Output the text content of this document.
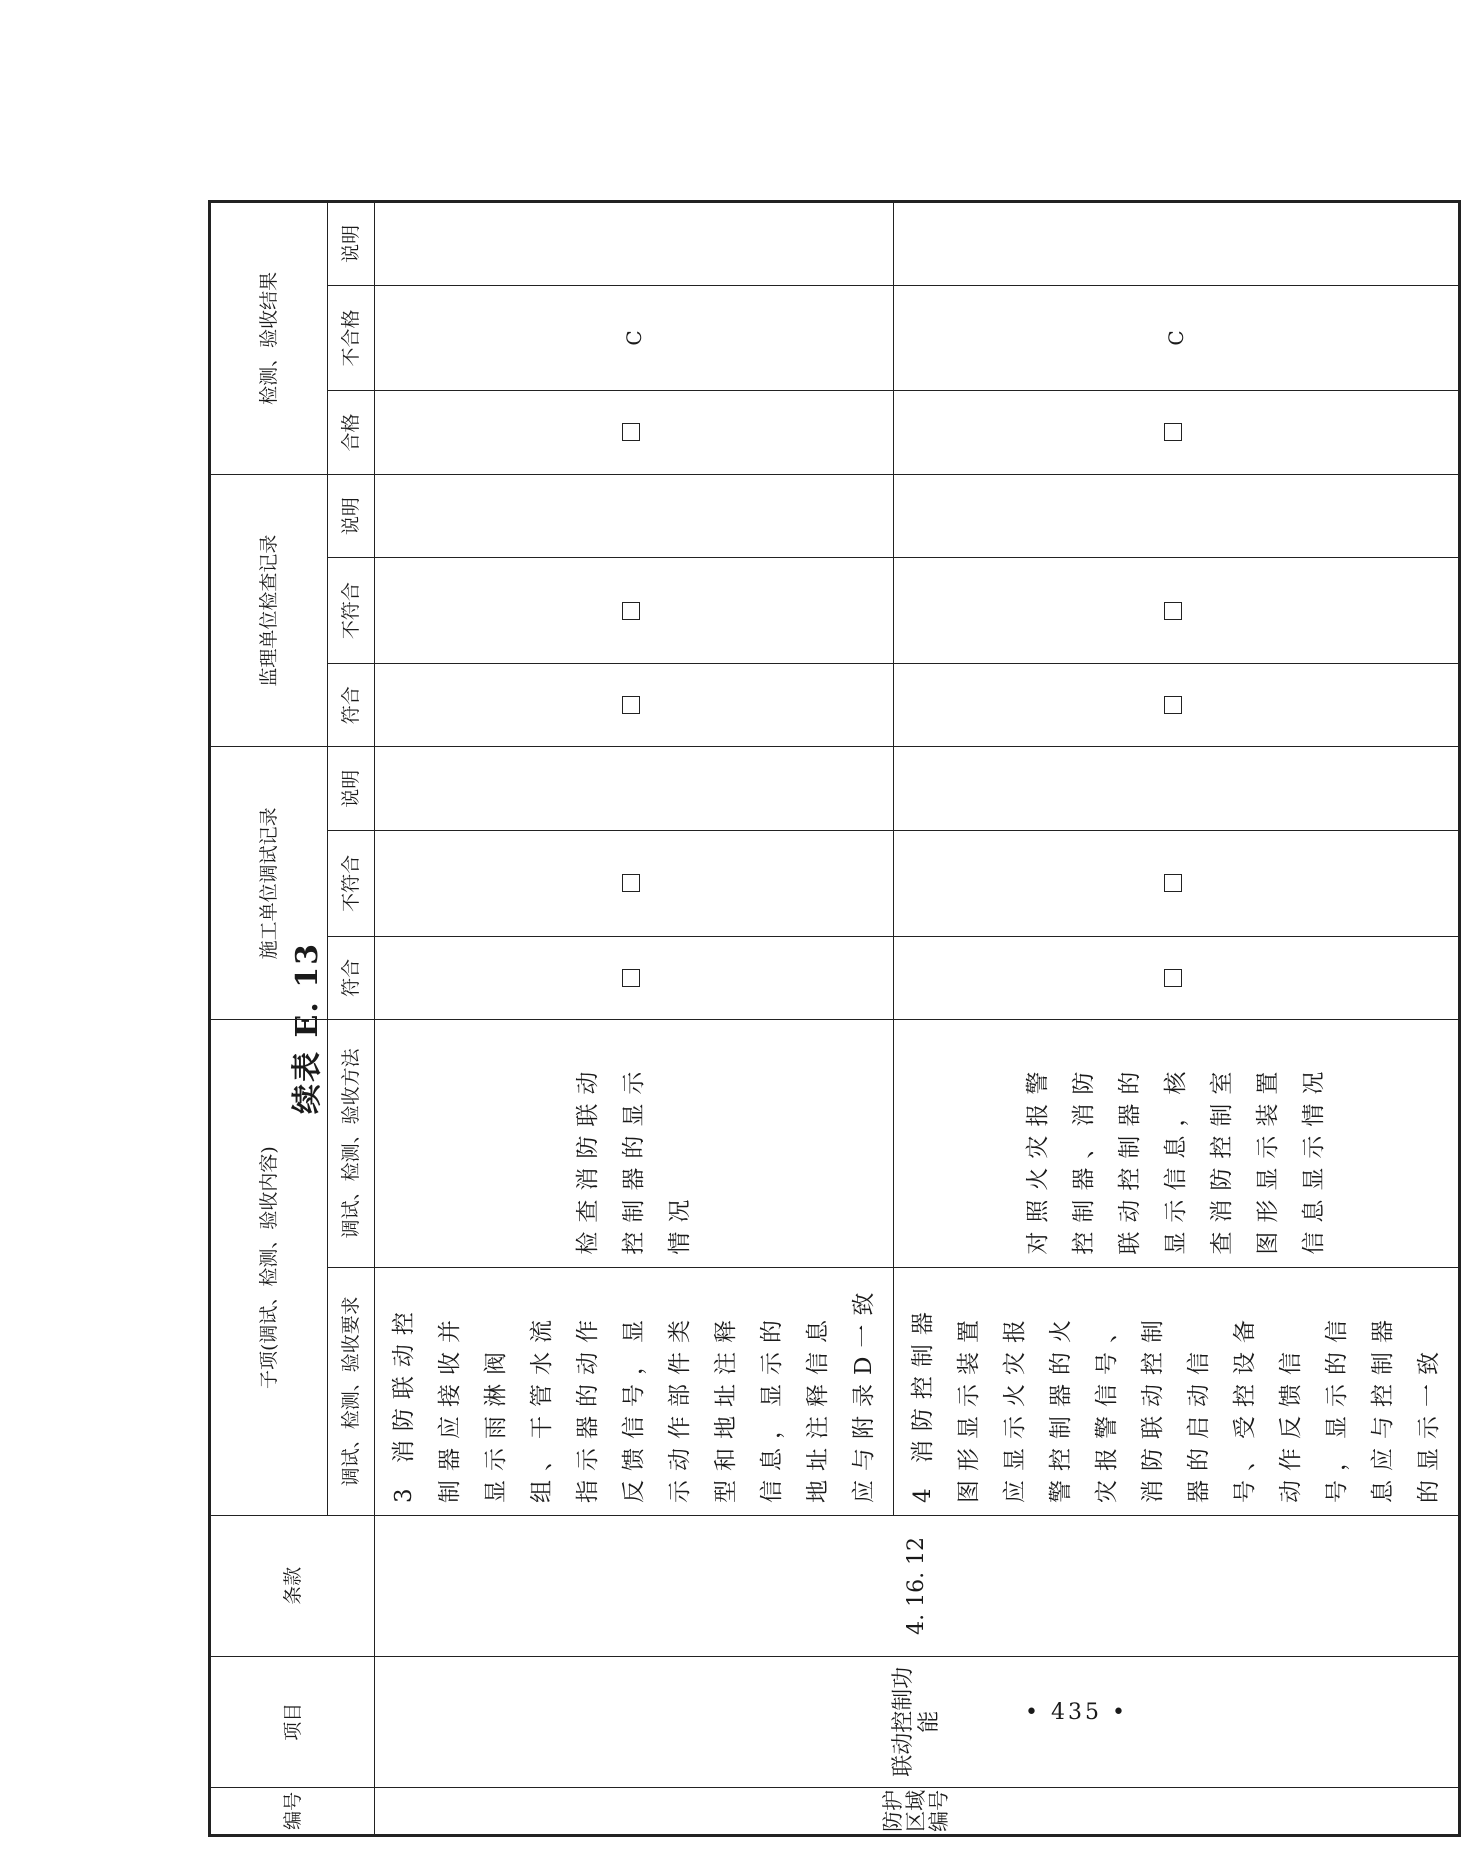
续表 E. 13
编号	项目	条款	子项(调试、检测、验收内容)		施工单位调试记录			监理单位检查记录			检测、验收结果		
			调试、检测、验收要求	调试、检测、验收方法	符合	不符合	说明	符合	不符合	说明	合格	不合格	说明
防护区域编号	联动控制功能	4. 16. 12	3 消防联动控制器应接收并显示雨淋阀组、干管水流指示器的动作反馈信号，显示动作部件类型和地址注释信息，显示的地址注释信息应与附录D一致	检查消防联动控制器的显示情况								C	
			4 消防控制器图形显示装置应显示火灾报警控制器的火灾报警信号、消防联动控制器的启动信号、受控设备动作反馈信号，显示的信息应与控制器的显示一致	对照火灾报警控制器、消防联动控制器的显示信息，核查消防控制室图形显示装置信息显示情况								C	
• 435 •
